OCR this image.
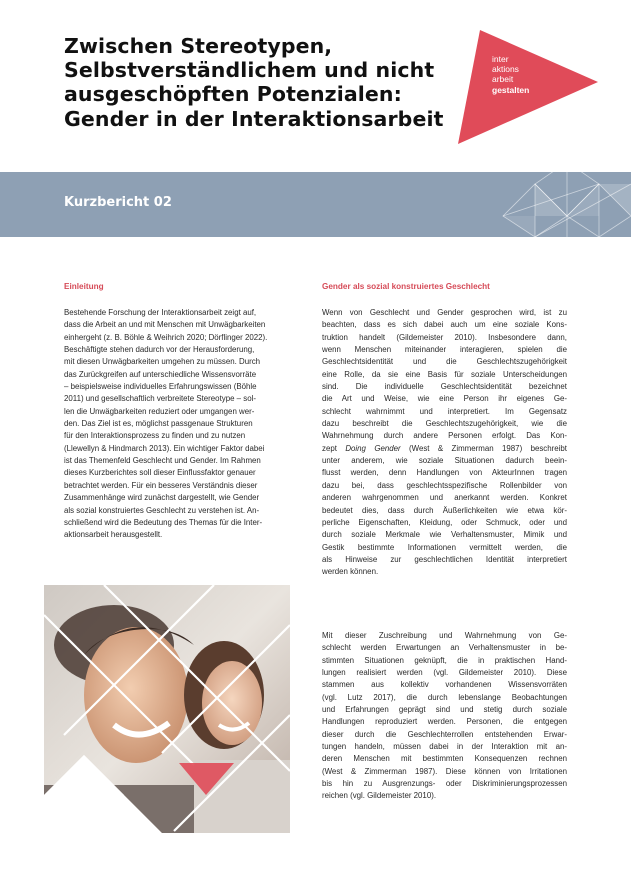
Zwischen Stereotypen,
Selbstverständlichem und nicht
ausgeschöpften Potenzialen:
Gender in der Interaktionsarbeit
inter
aktions
arbeit
gestalten
Kurzbericht 02
Einleitung
Bestehende Forschung der Interaktionsarbeit zeigt auf,
dass die Arbeit an und mit Menschen mit Unwägbarkeiten
einhergeht (z. B. Böhle & Weihrich 2020; Dörflinger 2022).
Beschäftigte stehen dadurch vor der Herausforderung,
mit diesen Unwägbarkeiten umgehen zu müssen. Durch
das Zurückgreifen auf unterschiedliche Wissensvorräte
– beispielsweise individuelles Erfahrungswissen (Böhle
2011) und gesellschaftlich verbreitete Stereotype – sol-
len die Unwägbarkeiten reduziert oder umgangen wer-
den. Das Ziel ist es, möglichst passgenaue Strukturen
für den Interaktionsprozess zu finden und zu nutzen
(Llewellyn & Hindmarch 2013). Ein wichtiger Faktor dabei
ist das Themenfeld Geschlecht und Gender. Im Rahmen
dieses Kurzberichtes soll dieser Einflussfaktor genauer
betrachtet werden. Für ein besseres Verständnis dieser
Zusammenhänge wird zunächst dargestellt, wie Gender
als sozial konstruiertes Geschlecht zu verstehen ist. An-
schließend wird die Bedeutung des Themas für die Inter-
aktionsarbeit herausgestellt.
Gender als sozial konstruiertes Geschlecht
Wenn von Geschlecht und Gender gesprochen wird, ist zu
beachten, dass es sich dabei auch um eine soziale Kons-
truktion handelt (Gildemeister 2010). Insbesondere dann,
wenn Menschen miteinander interagieren, spielen die
Geschlechtsidentität und die Geschlechtszugehörigkeit
eine Rolle, da sie eine Basis für soziale Unterscheidungen
sind. Die individuelle Geschlechtsidentität bezeichnet
die Art und Weise, wie eine Person ihr eigenes Ge-
schlecht wahrnimmt und interpretiert. Im Gegensatz
dazu beschreibt die Geschlechtszugehörigkeit, wie die
Wahrnehmung durch andere Personen erfolgt. Das Kon-
zept Doing Gender (West & Zimmerman 1987) beschreibt
unter anderem, wie soziale Situationen dadurch beein-
flusst werden, denn Handlungen von AkteurInnen tragen
dazu bei, dass geschlechtsspezifische Rollenbilder von
anderen wahrgenommen und anerkannt werden. Konkret
bedeutet dies, dass durch Äußerlichkeiten wie etwa kör-
perliche Eigenschaften, Kleidung, oder Schmuck, oder und
durch soziale Merkmale wie Verhaltensmuster, Mimik und
Gestik bestimmte Informationen vermittelt werden, die
als Hinweise zur geschlechtlichen Identität interpretiert
werden können.
Mit dieser Zuschreibung und Wahrnehmung von Ge-
schlecht werden Erwartungen an Verhaltensmuster in be-
stimmten Situationen geknüpft, die in praktischen Hand-
lungen realisiert werden (vgl. Gildemeister 2010). Diese
stammen aus kollektiv vorhandenen Wissensvorräten
(vgl. Lutz 2017), die durch lebenslange Beobachtungen
und Erfahrungen geprägt sind und stetig durch soziale
Handlungen reproduziert werden. Personen, die entgegen
dieser durch die Geschlechterrollen entstehenden Erwar-
tungen handeln, müssen dabei in der Interaktion mit an-
deren Menschen mit bestimmten Konsequenzen rechnen
(West & Zimmerman 1987). Diese können von Irritationen
bis hin zu Ausgrenzungs- oder Diskriminierungsprozessen
reichen (vgl. Gildemeister 2010).
